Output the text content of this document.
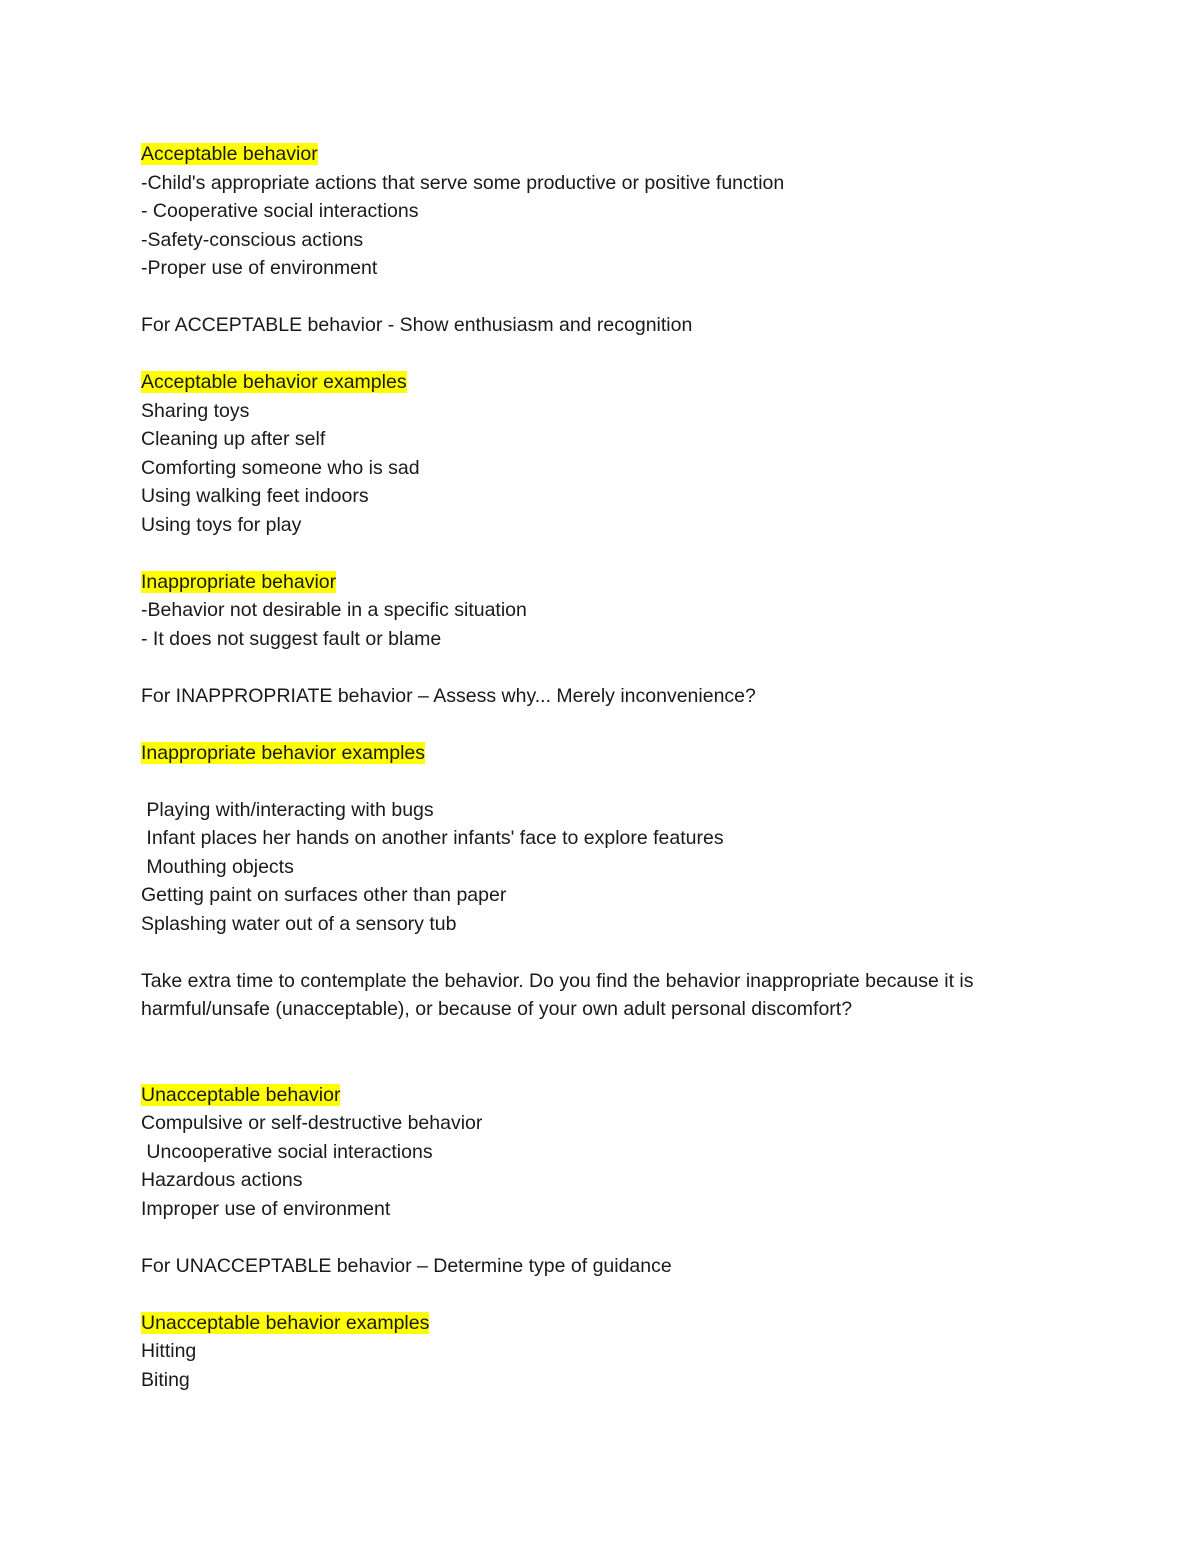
Acceptable behavior
-Child's appropriate actions that serve some productive or positive function
- Cooperative social interactions
-Safety-conscious actions
-Proper use of environment
For ACCEPTABLE behavior - Show enthusiasm and recognition
Acceptable behavior examples
Sharing toys
Cleaning up after self
Comforting someone who is sad
Using walking feet indoors
Using toys for play
Inappropriate behavior
-Behavior not desirable in a specific situation
- It does not suggest fault or blame
For INAPPROPRIATE behavior – Assess why... Merely inconvenience?
Inappropriate behavior examples
Playing with/interacting with bugs
Infant places her hands on another infants' face to explore features
Mouthing objects
Getting paint on surfaces other than paper
Splashing water out of a sensory tub
Take extra time to contemplate the behavior. Do you find the behavior inappropriate because it is harmful/unsafe (unacceptable), or because of your own adult personal discomfort?
Unacceptable behavior
Compulsive or self-destructive behavior
Uncooperative social interactions
Hazardous actions
Improper use of environment
For UNACCEPTABLE behavior – Determine type of guidance
Unacceptable behavior examples
Hitting
Biting
